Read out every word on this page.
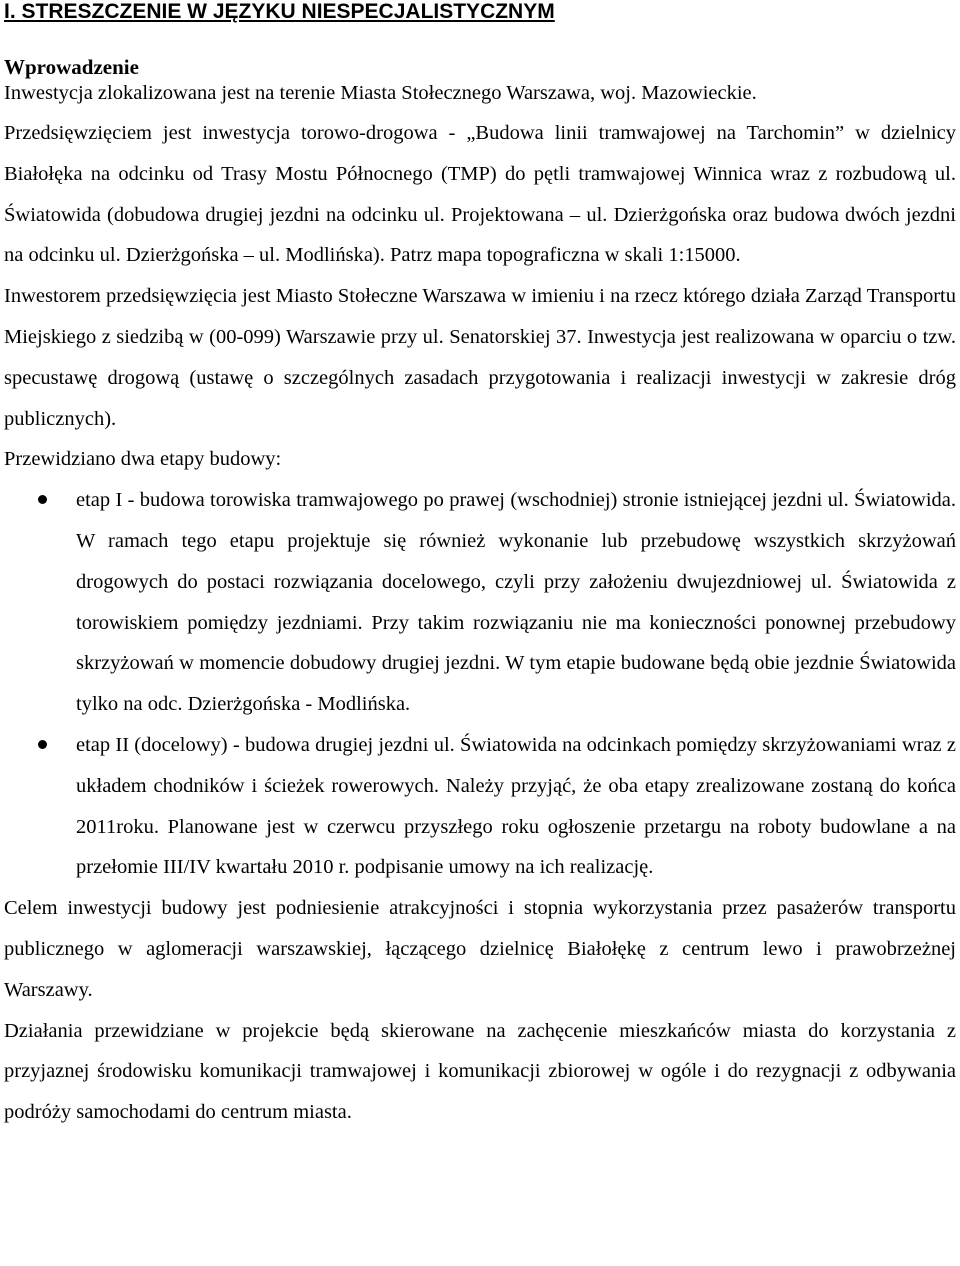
I. STRESZCZENIE W JĘZYKU NIESPECJALISTYCZNYM
Wprowadzenie

Inwestycja zlokalizowana jest na terenie Miasta Stołecznego Warszawa, woj. Mazowieckie.

Przedsięwzięciem jest inwestycja torowo-drogowa - „Budowa linii tramwajowej na Tarchomin” w dzielnicy Białołęka na odcinku od Trasy Mostu Północnego (TMP) do pętli tramwajowej Winnica wraz z rozbudową ul. Światowida (dobudowa drugiej jezdni na odcinku ul. Projektowana – ul. Dzierżgońska oraz budowa dwóch jezdni na odcinku ul. Dzierżgońska – ul. Modlińska). Patrz mapa topograficzna w skali 1:15000.

Inwestorem przedsięwzięcia jest Miasto Stołeczne Warszawa w imieniu i na rzecz którego działa Zarząd Transportu Miejskiego z siedzibą w (00-099) Warszawie przy ul. Senatorskiej 37. Inwestycja jest realizowana w oparciu o tzw. specustawę drogową (ustawę o szczególnych zasadach przygotowania i realizacji inwestycji w zakresie dróg publicznych).

Przewidziano dwa etapy budowy:

etap I - budowa torowiska tramwajowego po prawej (wschodniej) stronie istniejącej jezdni ul. Światowida. W ramach tego etapu projektuje się również wykonanie lub przebudowę wszystkich skrzyżowań drogowych do postaci rozwiązania docelowego, czyli przy założeniu dwujezdniowej ul. Światowida z torowiskiem pomiędzy jezdniami. Przy takim rozwiązaniu nie ma konieczności ponownej przebudowy skrzyżowań w momencie dobudowy drugiej jezdni. W tym etapie budowane będą obie jezdnie Światowida tylko na odc. Dzierżgońska - Modlińska.
etap II (docelowy) - budowa drugiej jezdni ul. Światowida na odcinkach pomiędzy skrzyżowaniami wraz z układem chodników i ścieżek rowerowych. Należy przyjąć, że oba etapy zrealizowane zostaną do końca 2011roku. Planowane jest w czerwcu przyszłego roku ogłoszenie przetargu na roboty budowlane a na przełomie III/IV kwartału 2010 r. podpisanie umowy na ich realizację.

Celem inwestycji budowy jest podniesienie atrakcyjności i stopnia wykorzystania przez pasażerów transportu publicznego w aglomeracji warszawskiej, łączącego dzielnicę Białołękę z centrum lewo i prawobrzeżnej Warszawy.

Działania przewidziane w projekcie będą skierowane na zachęcenie mieszkańców miasta do korzystania z przyjaznej środowisku komunikacji tramwajowej i komunikacji zbiorowej w ogóle i do rezygnacji z odbywania podróży samochodami do centrum miasta.
